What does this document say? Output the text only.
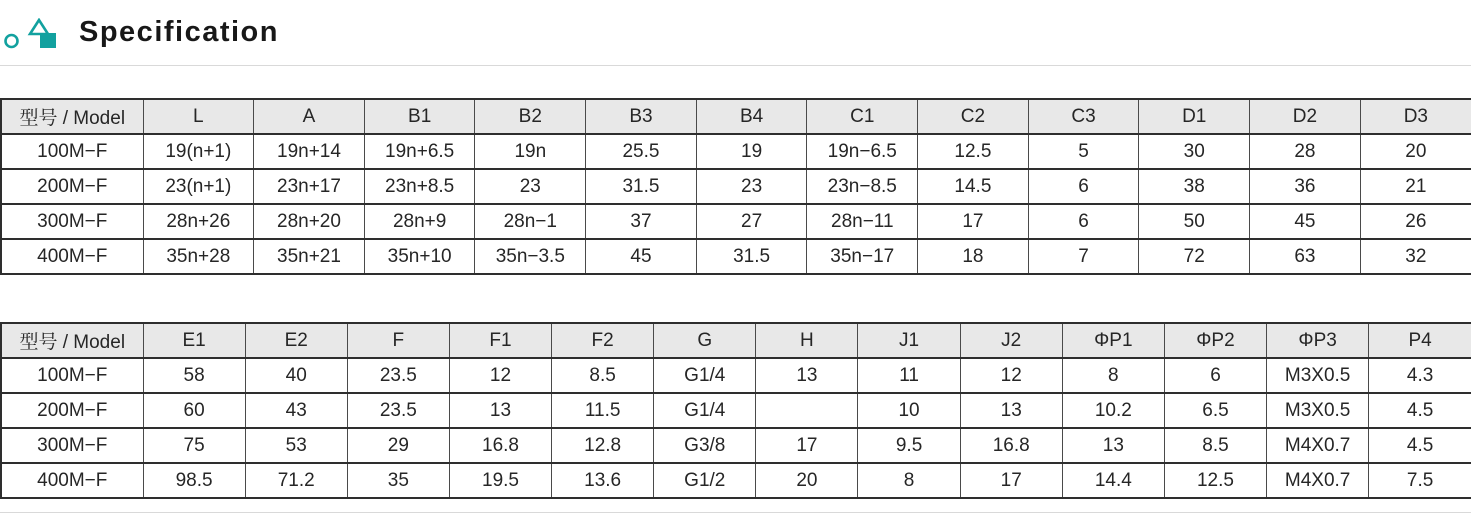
Specification
型号 / Model	L	A	B1	B2	B3	B4	C1	C2	C3	D1	D2	D3
100M−F	19(n+1)	19n+14	19n+6.5	19n	25.5	19	19n−6.5	12.5	5	30	28	20
200M−F	23(n+1)	23n+17	23n+8.5	23	31.5	23	23n−8.5	14.5	6	38	36	21
300M−F	28n+26	28n+20	28n+9	28n−1	37	27	28n−11	17	6	50	45	26
400M−F	35n+28	35n+21	35n+10	35n−3.5	45	31.5	35n−17	18	7	72	63	32
型号 / Model	E1	E2	F	F1	F2	G	H	J1	J2	ΦP1	ΦP2	ΦP3	P4
100M−F	58	40	23.5	12	8.5	G1/4	13	11	12	8	6	M3X0.5	4.3
200M−F	60	43	23.5	13	11.5	G1/4		10	13	10.2	6.5	M3X0.5	4.5
300M−F	75	53	29	16.8	12.8	G3/8	17	9.5	16.8	13	8.5	M4X0.7	4.5
400M−F	98.5	71.2	35	19.5	13.6	G1/2	20	8	17	14.4	12.5	M4X0.7	7.5
